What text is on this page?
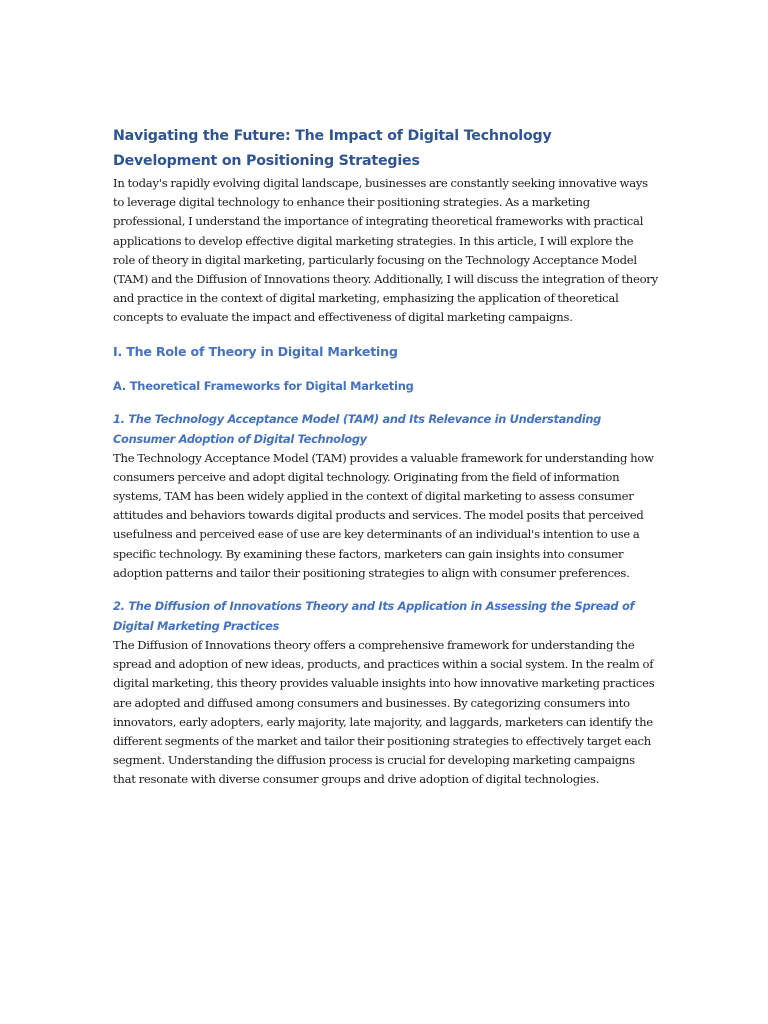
Navigating the Future: The Impact of Digital Technology Development on Positioning Strategies

In today's rapidly evolving digital landscape, businesses are constantly seeking innovative ways to leverage digital technology to enhance their positioning strategies. As a marketing professional, I understand the importance of integrating theoretical frameworks with practical applications to develop effective digital marketing strategies. In this article, I will explore the role of theory in digital marketing, particularly focusing on the Technology Acceptance Model (TAM) and the Diffusion of Innovations theory. Additionally, I will discuss the integration of theory and practice in the context of digital marketing, emphasizing the application of theoretical concepts to evaluate the impact and effectiveness of digital marketing campaigns.

I. The Role of Theory in Digital Marketing
A. Theoretical Frameworks for Digital Marketing
1. The Technology Acceptance Model (TAM) and Its Relevance in Understanding Consumer Adoption of Digital Technology

The Technology Acceptance Model (TAM) provides a valuable framework for understanding how consumers perceive and adopt digital technology. Originating from the field of information systems, TAM has been widely applied in the context of digital marketing to assess consumer attitudes and behaviors towards digital products and services. The model posits that perceived usefulness and perceived ease of use are key determinants of an individual's intention to use a specific technology. By examining these factors, marketers can gain insights into consumer adoption patterns and tailor their positioning strategies to align with consumer preferences.

2. The Diffusion of Innovations Theory and Its Application in Assessing the Spread of Digital Marketing Practices

The Diffusion of Innovations theory offers a comprehensive framework for understanding the spread and adoption of new ideas, products, and practices within a social system. In the realm of digital marketing, this theory provides valuable insights into how innovative marketing practices are adopted and diffused among consumers and businesses. By categorizing consumers into innovators, early adopters, early majority, late majority, and laggards, marketers can identify the different segments of the market and tailor their positioning strategies to effectively target each segment. Understanding the diffusion process is crucial for developing marketing campaigns that resonate with diverse consumer groups and drive adoption of digital technologies.
